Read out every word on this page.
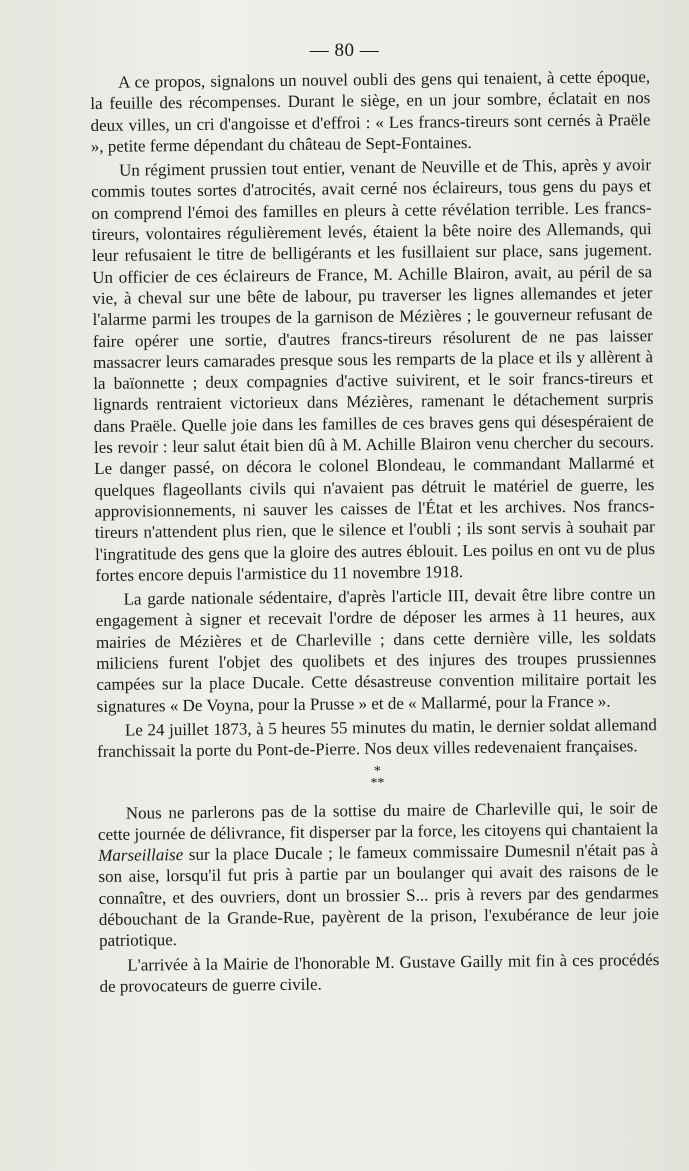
— 80 —

A ce propos, signalons un nouvel oubli des gens qui tenaient, à cette époque, la feuille des récompenses. Durant le siège, en un jour sombre, éclatait en nos deux villes, un cri d'angoisse et d'effroi : « Les francs-tireurs sont cernés à Praële », petite ferme dépendant du château de Sept-Fontaines.

Un régiment prussien tout entier, venant de Neuville et de This, après y avoir commis toutes sortes d'atrocités, avait cerné nos éclaireurs, tous gens du pays et on comprend l'émoi des familles en pleurs à cette révélation terrible. Les francs-tireurs, volontaires régulièrement levés, étaient la bête noire des Allemands, qui leur refusaient le titre de belligérants et les fusillaient sur place, sans jugement. Un officier de ces éclaireurs de France, M. Achille Blairon, avait, au péril de sa vie, à cheval sur une bête de labour, pu traverser les lignes allemandes et jeter l'alarme parmi les troupes de la garnison de Mézières ; le gouverneur refusant de faire opérer une sortie, d'autres francs-tireurs résolurent de ne pas laisser massacrer leurs camarades presque sous les remparts de la place et ils y allèrent à la baïonnette ; deux compagnies d'active suivirent, et le soir francs-tireurs et lignards rentraient victorieux dans Mézières, ramenant le détachement surpris dans Praële. Quelle joie dans les familles de ces braves gens qui désespéraient de les revoir : leur salut était bien dû à M. Achille Blairon venu chercher du secours. Le danger passé, on décora le colonel Blondeau, le commandant Mallarmé et quelques flageollants civils qui n'avaient pas détruit le matériel de guerre, les approvisionnements, ni sauver les caisses de l'État et les archives. Nos francs-tireurs n'attendent plus rien, que le silence et l'oubli ; ils sont servis à souhait par l'ingratitude des gens que la gloire des autres éblouit. Les poilus en ont vu de plus fortes encore depuis l'armistice du 11 novembre 1918.

La garde nationale sédentaire, d'après l'article III, devait être libre contre un engagement à signer et recevait l'ordre de déposer les armes à 11 heures, aux mairies de Mézières et de Charleville ; dans cette dernière ville, les soldats miliciens furent l'objet des quolibets et des injures des troupes prussiennes campées sur la place Ducale. Cette désastreuse convention militaire portait les signatures « De Voyna, pour la Prusse » et de « Mallarmé, pour la France ».

Le 24 juillet 1873, à 5 heures 55 minutes du matin, le dernier soldat allemand franchissait la porte du Pont-de-Pierre. Nos deux villes redevenaient françaises.

*
**

Nous ne parlerons pas de la sottise du maire de Charleville qui, le soir de cette journée de délivrance, fit disperser par la force, les citoyens qui chantaient la Marseillaise sur la place Ducale ; le fameux commissaire Dumesnil n'était pas à son aise, lorsqu'il fut pris à partie par un boulanger qui avait des raisons de le connaître, et des ouvriers, dont un brossier S... pris à revers par des gendarmes débouchant de la Grande-Rue, payèrent de la prison, l'exubérance de leur joie patriotique.

L'arrivée à la Mairie de l'honorable M. Gustave Gailly mit fin à ces procédés de provocateurs de guerre civile.
